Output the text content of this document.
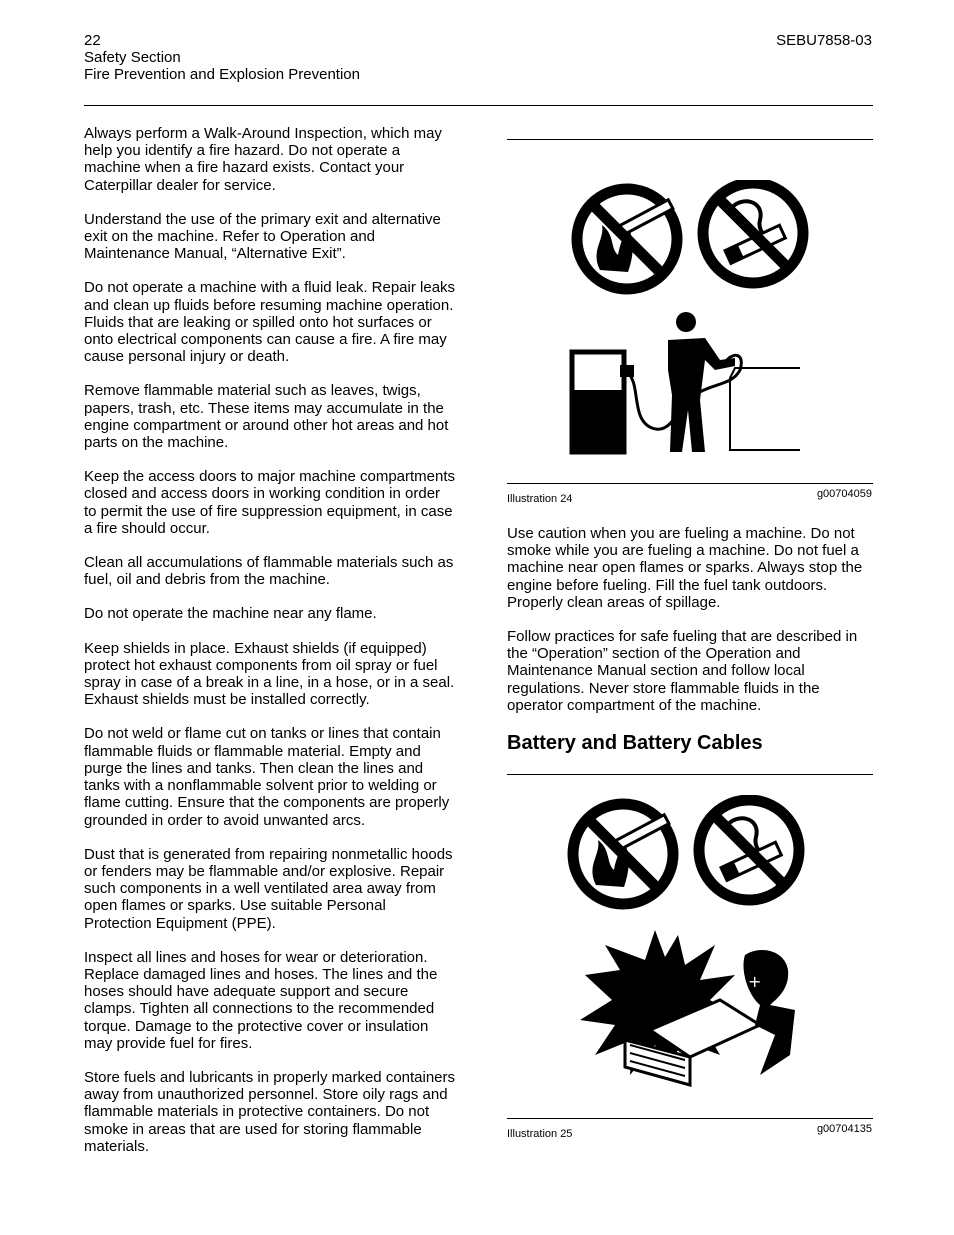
22
Safety Section
Fire Prevention and Explosion Prevention
SEBU7858-03

Always perform a Walk-Around Inspection, which may help you identify a fire hazard. Do not operate a machine when a fire hazard exists. Contact your Caterpillar dealer for service.

Understand the use of the primary exit and alternative exit on the machine. Refer to Operation and Maintenance Manual, “Alternative Exit”.

Do not operate a machine with a fluid leak. Repair leaks and clean up fluids before resuming machine operation. Fluids that are leaking or spilled onto hot surfaces or onto electrical components can cause a fire. A fire may cause personal injury or death.

Remove flammable material such as leaves, twigs, papers, trash, etc. These items may accumulate in the engine compartment or around other hot areas and hot parts on the machine.

Keep the access doors to major machine compartments closed and access doors in working condition in order to permit the use of fire suppression equipment, in case a fire should occur.

Clean all accumulations of flammable materials such as fuel, oil and debris from the machine.

Do not operate the machine near any flame.

Keep shields in place. Exhaust shields (if equipped) protect hot exhaust components from oil spray or fuel spray in case of a break in a line, in a hose, or in a seal. Exhaust shields must be installed correctly.

Do not weld or flame cut on tanks or lines that contain flammable fluids or flammable material. Empty and purge the lines and tanks. Then clean the lines and tanks with a nonflammable solvent prior to welding or flame cutting. Ensure that the components are properly grounded in order to avoid unwanted arcs.

Dust that is generated from repairing nonmetallic hoods or fenders may be flammable and/or explosive. Repair such components in a well ventilated area away from open flames or sparks. Use suitable Personal Protection Equipment (PPE).

Inspect all lines and hoses for wear or deterioration. Replace damaged lines and hoses. The lines and the hoses should have adequate support and secure clamps. Tighten all connections to the recommended torque. Damage to the protective cover or insulation may provide fuel for fires.

Store fuels and lubricants in properly marked containers away from unauthorized personnel. Store oily rags and flammable materials in protective containers. Do not smoke in areas that are used for storing flammable materials.

Illustration 24	g00704059

Use caution when you are fueling a machine. Do not smoke while you are fueling a machine. Do not fuel a machine near open flames or sparks. Always stop the engine before fueling. Fill the fuel tank outdoors. Properly clean areas of spillage.

Follow practices for safe fueling that are described in the “Operation” section of the Operation and Maintenance Manual section and follow local regulations. Never store flammable fluids in the operator compartment of the machine.

Battery and Battery Cables
+
Illustration 25	g00704135
